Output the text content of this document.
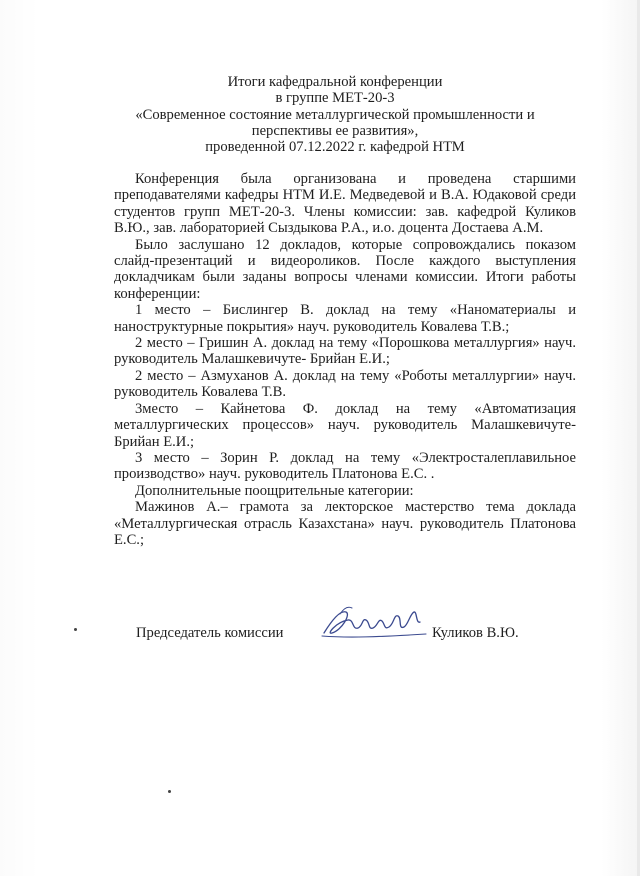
Итоги кафедральной конференции
в группе МЕТ-20-3
«Современное состояние металлургической промышленности и
перспективы ее развития»,
проведенной 07.12.2022 г. кафедрой НТМ

Конференция была организована и проведена старшими преподавателями кафедры НТМ И.Е. Медведевой и В.А. Юдаковой среди студентов групп МЕТ-20-3. Члены комиссии: зав. кафедрой Куликов В.Ю., зав. лабораторией Сыздыкова Р.А., и.о. доцента Достаева А.М.

Было заслушано 12 докладов, которые сопровождались показом слайд-презентаций и видеороликов. После каждого выступления докладчикам были заданы вопросы членами комиссии. Итоги работы конференции:

1 место – Бислингер В. доклад на тему «Наноматериалы и наноструктурные покрытия» науч. руководитель Ковалева Т.В.;

2 место – Гришин А. доклад на тему «Порошкова металлургия» науч. руководитель Малашкевичуте- Брийан Е.И.;

2 место – Азмуханов А. доклад на тему «Роботы металлургии» науч. руководитель Ковалева Т.В.

3место – Кайнетова Ф. доклад на тему «Автоматизация металлургических процессов» науч. руководитель Малашкевичуте-Брийан Е.И.;

3 место – Зорин Р. доклад на тему «Электросталеплавильное производство» науч. руководитель Платонова Е.С. .

Дополнительные поощрительные категории:

Мажинов А.– грамота за лекторское мастерство тема доклада «Металлургическая отрасль Казахстана» науч. руководитель Платонова Е.С.;

Председатель комиссии	Куликов В.Ю.
